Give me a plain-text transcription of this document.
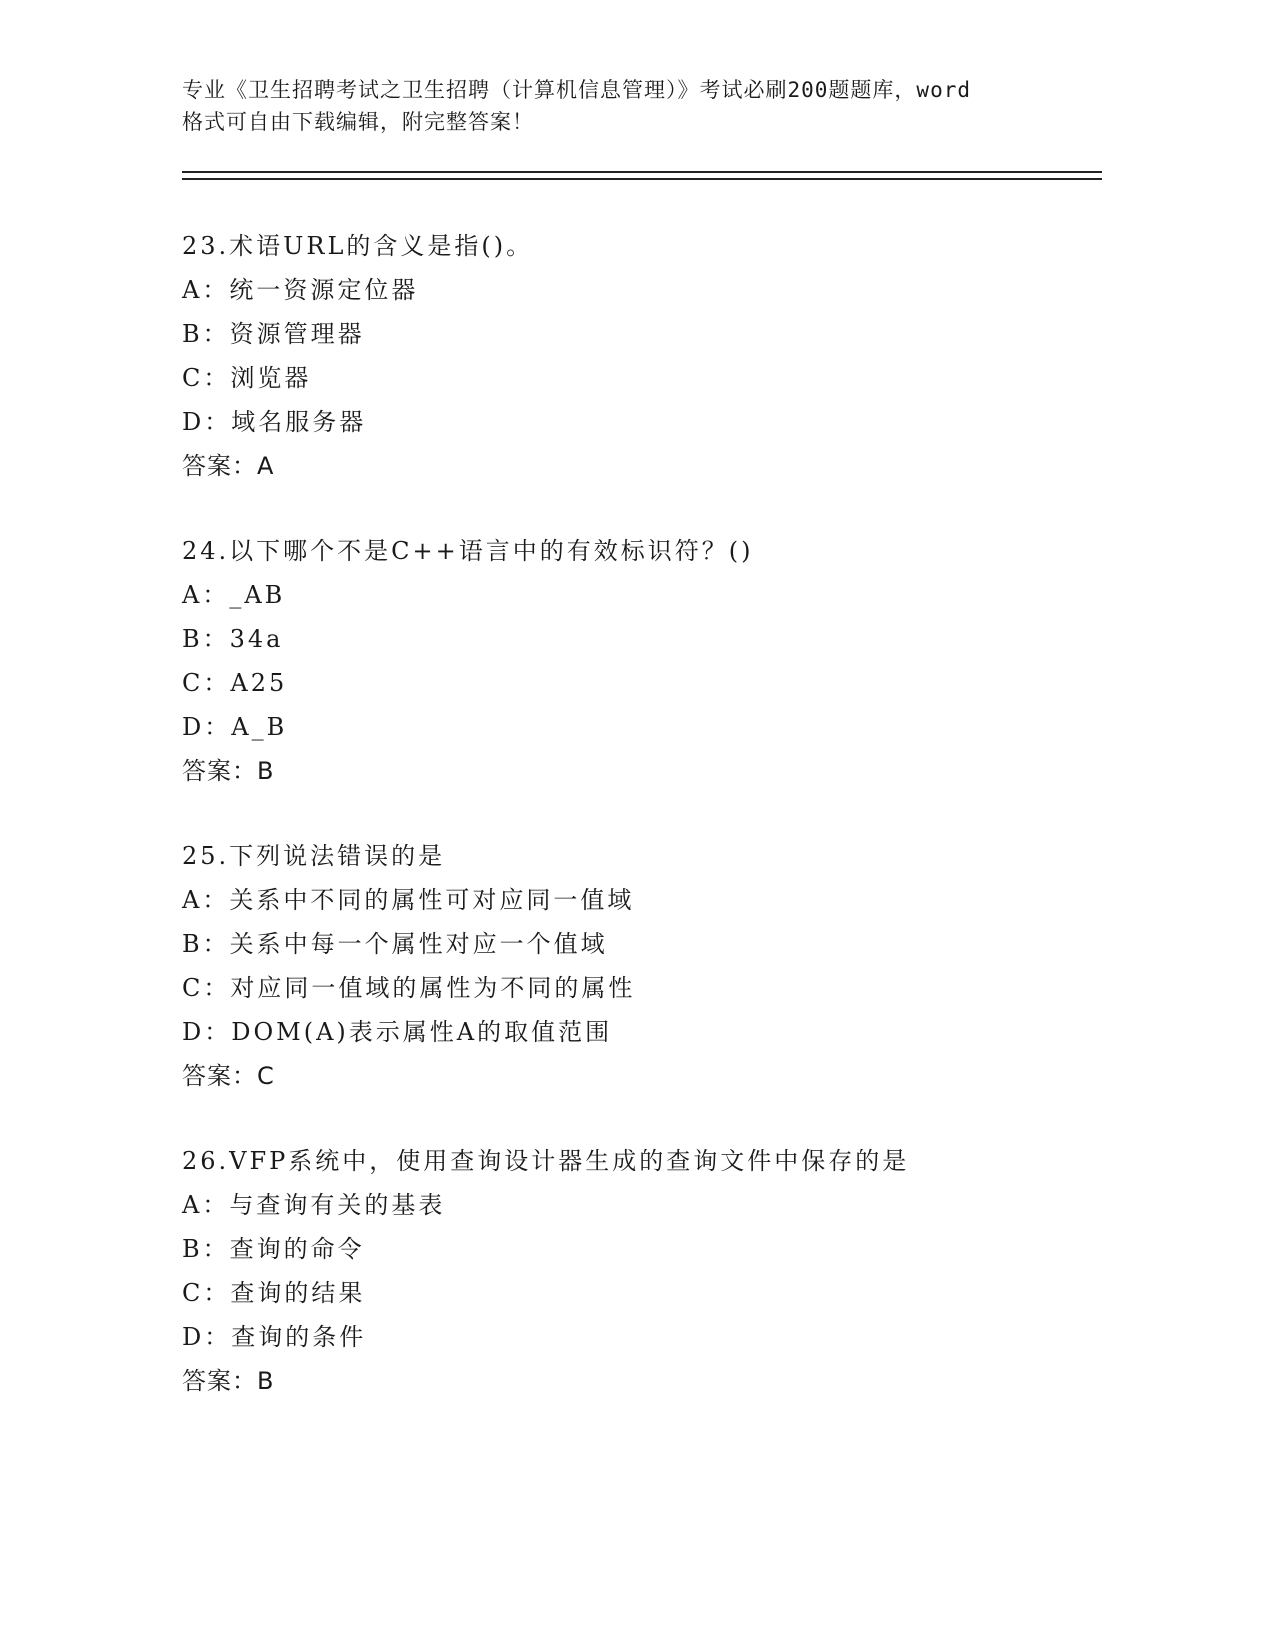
专业《卫生招聘考试之卫生招聘（计算机信息管理）》考试必刷200题题库，word
格式可自由下载编辑，附完整答案！
23.术语URL的含义是指()。
A：统一资源定位器
B：资源管理器
C：浏览器
D：域名服务器
答案：A
24.以下哪个不是C++语言中的有效标识符？()
A：_AB
B：34a
C：A25
D：A_B
答案：B
25.下列说法错误的是
A：关系中不同的属性可对应同一值域
B：关系中每一个属性对应一个值域
C：对应同一值域的属性为不同的属性
D：DOM(A)表示属性A的取值范围
答案：C
26.VFP系统中，使用查询设计器生成的查询文件中保存的是
A：与查询有关的基表
B：查询的命令
C：查询的结果
D：查询的条件
答案：B
